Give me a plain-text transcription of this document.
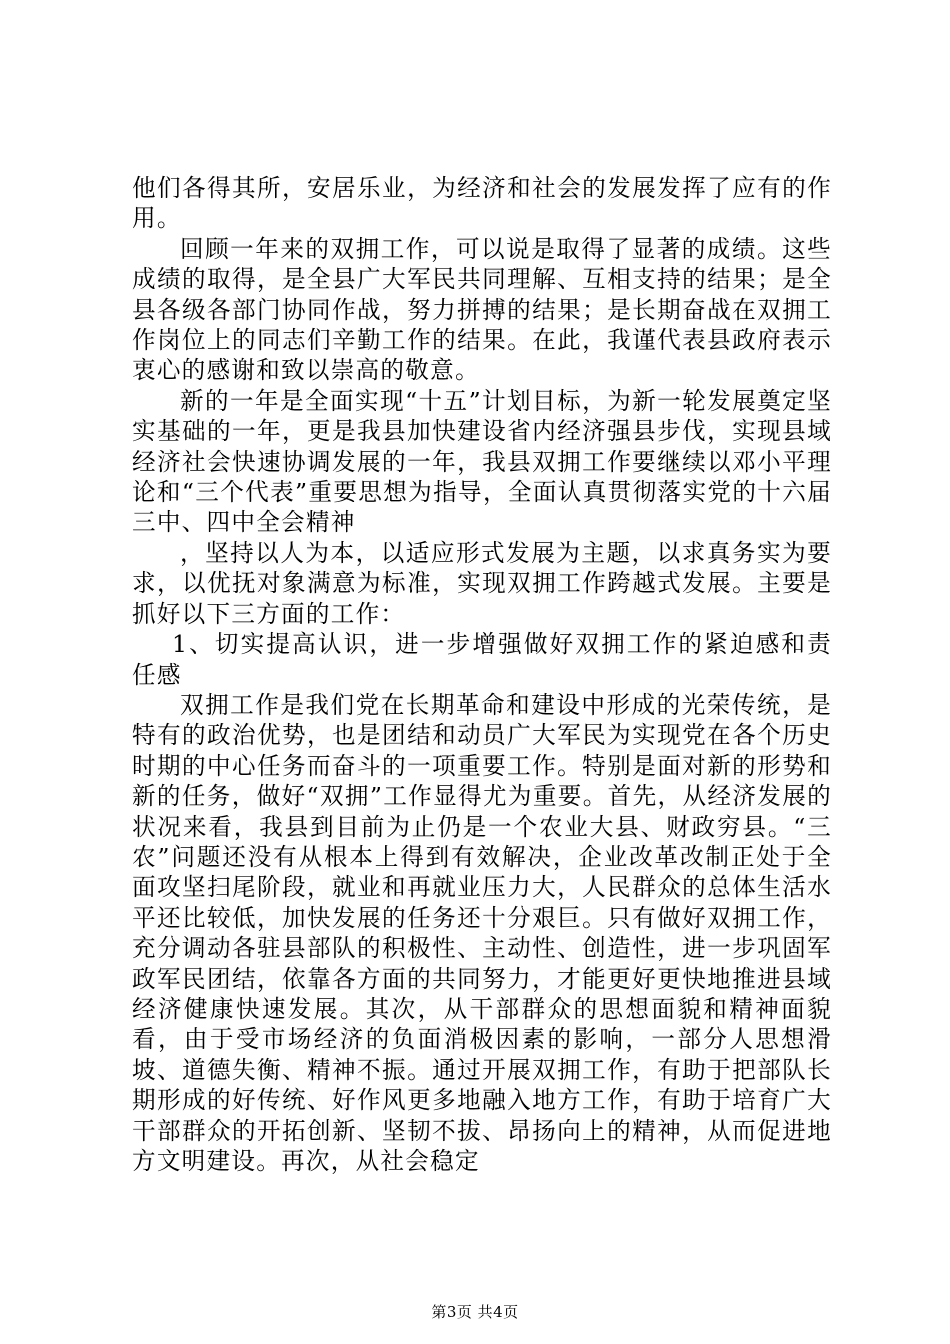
他们各得其所，安居乐业，为经济和社会的发展发挥了应有的作用。

回顾一年来的双拥工作，可以说是取得了显著的成绩。这些成绩的取得，是全县广大军民共同理解、互相支持的结果；是全县各级各部门协同作战，努力拼搏的结果；是长期奋战在双拥工作岗位上的同志们辛勤工作的结果。在此，我谨代表县政府表示衷心的感谢和致以崇高的敬意。

新的一年是全面实现“十五”计划目标，为新一轮发展奠定坚实基础的一年，更是我县加快建设省内经济强县步伐，实现县域经济社会快速协调发展的一年，我县双拥工作要继续以邓小平理论和“三个代表”重要思想为指导，全面认真贯彻落实党的十六届三中、四中全会精神

，坚持以人为本，以适应形式发展为主题，以求真务实为要求，以优抚对象满意为标准，实现双拥工作跨越式发展。主要是抓好以下三方面的工作：

1、切实提高认识，进一步增强做好双拥工作的紧迫感和责任感

双拥工作是我们党在长期革命和建设中形成的光荣传统，是特有的政治优势，也是团结和动员广大军民为实现党在各个历史时期的中心任务而奋斗的一项重要工作。特别是面对新的形势和新的任务，做好“双拥”工作显得尤为重要。首先，从经济发展的状况来看，我县到目前为止仍是一个农业大县、财政穷县。“三农”问题还没有从根本上得到有效解决，企业改革改制正处于全面攻坚扫尾阶段，就业和再就业压力大，人民群众的总体生活水平还比较低，加快发展的任务还十分艰巨。只有做好双拥工作，充分调动各驻县部队的积极性、主动性、创造性，进一步巩固军政军民团结，依靠各方面的共同努力，才能更好更快地推进县域经济健康快速发展。其次，从干部群众的思想面貌和精神面貌看，由于受市场经济的负面消极因素的影响，一部分人思想滑坡、道德失衡、精神不振。通过开展双拥工作，有助于把部队长期形成的好传统、好作风更多地融入地方工作，有助于培育广大干部群众的开拓创新、坚韧不拔、昂扬向上的精神，从而促进地方文明建设。再次，从社会稳定

第3页 共4页
